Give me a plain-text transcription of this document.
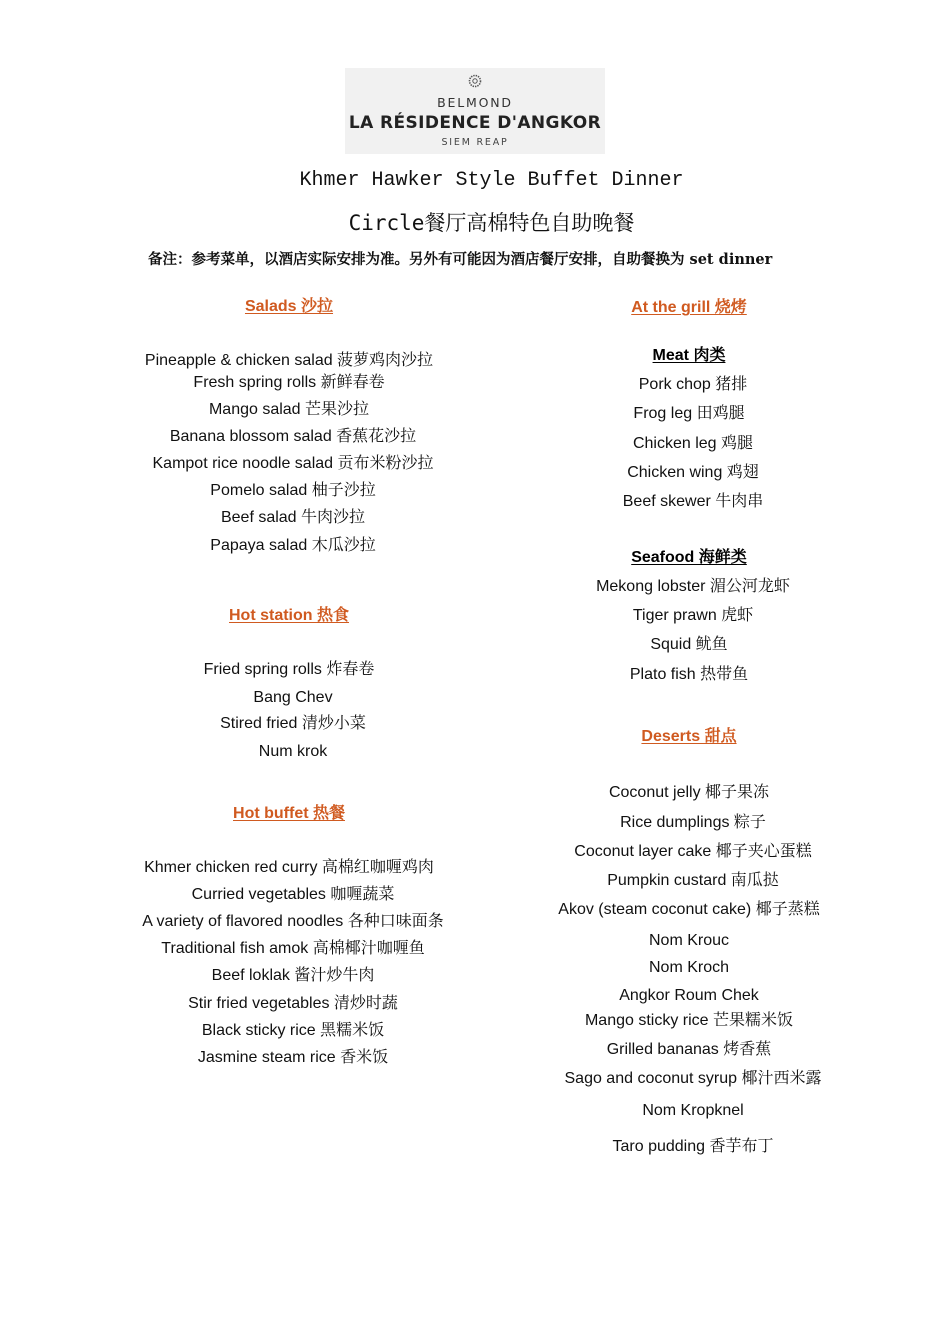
BELMOND
LA RÉSIDENCE D'ANGKOR
SIEM REAP
Khmer Hawker Style Buffet Dinner
Circle餐厅高棉特色自助晚餐
备注：参考菜单，以酒店实际安排为准。另外有可能因为酒店餐厅安排，自助餐换为 set dinner
Salads 沙拉
Pineapple & chicken salad 菠萝鸡肉沙拉
Fresh spring rolls 新鲜春卷
Mango salad 芒果沙拉
Banana blossom salad 香蕉花沙拉
Kampot rice noodle salad 贡布米粉沙拉
Pomelo salad 柚子沙拉
Beef salad 牛肉沙拉
Papaya salad 木瓜沙拉
Hot station 热食
Fried spring rolls 炸春卷
Bang Chev
Stired fried 清炒小菜
Num krok
Hot buffet 热餐
Khmer chicken red curry 高棉红咖喱鸡肉
Curried vegetables 咖喱蔬菜
A variety of flavored noodles 各种口味面条
Traditional fish amok 高棉椰汁咖喱鱼
Beef loklak 酱汁炒牛肉
Stir fried vegetables 清炒时蔬
Black sticky rice 黑糯米饭
Jasmine steam rice 香米饭
At the grill 烧烤
Meat 肉类
Pork chop 猪排
Frog leg 田鸡腿
Chicken leg 鸡腿
Chicken wing 鸡翅
Beef skewer 牛肉串
Seafood 海鲜类
Mekong lobster 湄公河龙虾
Tiger prawn 虎虾
Squid 鱿鱼
Plato fish 热带鱼
Deserts 甜点
Coconut jelly 椰子果冻
Rice dumplings 粽子
Coconut layer cake 椰子夹心蛋糕
Pumpkin custard 南瓜挞
Akov (steam coconut cake) 椰子蒸糕
Nom Krouc
Nom Kroch
Angkor Roum Chek
Mango sticky rice 芒果糯米饭
Grilled bananas 烤香蕉
Sago and coconut syrup 椰汁西米露
Nom Kropknel
Taro pudding 香芋布丁
